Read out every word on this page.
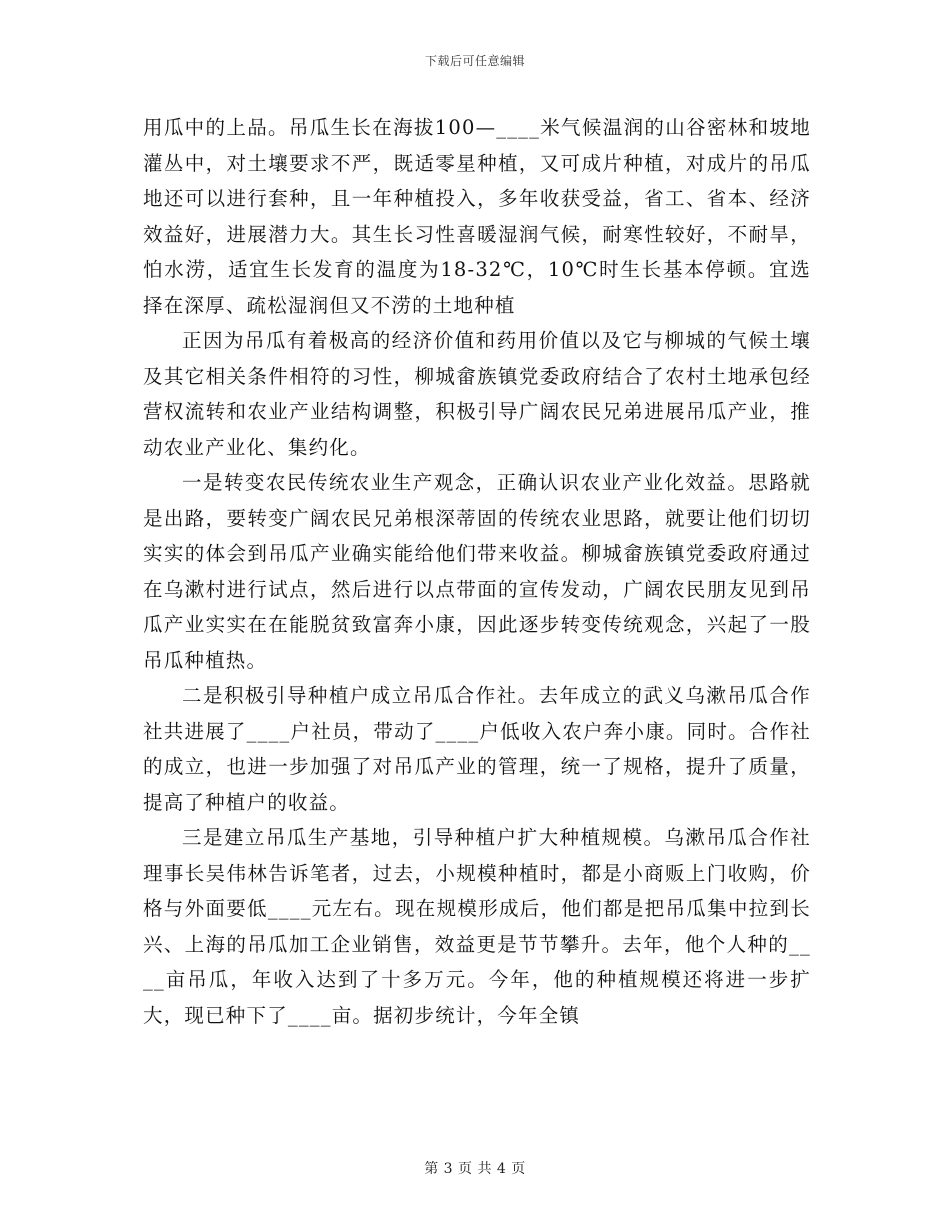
下载后可任意编辑

用瓜中的上品。吊瓜生长在海拔100—____米气候温润的山谷密林和坡地灌丛中，对土壤要求不严，既适零星种植，又可成片种植，对成片的吊瓜地还可以进行套种，且一年种植投入，多年收获受益，省工、省本、经济效益好，进展潜力大。其生长习性喜暖湿润气候，耐寒性较好，不耐旱，怕水涝，适宜生长发育的温度为18-32℃，10℃时生长基本停顿。宜选择在深厚、疏松湿润但又不涝的土地种植

正因为吊瓜有着极高的经济价值和药用价值以及它与柳城的气候土壤及其它相关条件相符的习性，柳城畲族镇党委政府结合了农村土地承包经营权流转和农业产业结构调整，积极引导广阔农民兄弟进展吊瓜产业，推动农业产业化、集约化。

一是转变农民传统农业生产观念，正确认识农业产业化效益。思路就是出路，要转变广阔农民兄弟根深蒂固的传统农业思路，就要让他们切切实实的体会到吊瓜产业确实能给他们带来收益。柳城畲族镇党委政府通过在乌漱村进行试点，然后进行以点带面的宣传发动，广阔农民朋友见到吊瓜产业实实在在能脱贫致富奔小康，因此逐步转变传统观念，兴起了一股吊瓜种植热。

二是积极引导种植户成立吊瓜合作社。去年成立的武义乌漱吊瓜合作社共进展了____户社员，带动了____户低收入农户奔小康。同时。合作社的成立，也进一步加强了对吊瓜产业的管理，统一了规格，提升了质量，提高了种植户的收益。

三是建立吊瓜生产基地，引导种植户扩大种植规模。乌漱吊瓜合作社理事长吴伟林告诉笔者，过去，小规模种植时，都是小商贩上门收购，价格与外面要低____元左右。现在规模形成后，他们都是把吊瓜集中拉到长兴、上海的吊瓜加工企业销售，效益更是节节攀升。去年，他个人种的____亩吊瓜，年收入达到了十多万元。今年，他的种植规模还将进一步扩大，现已种下了____亩。据初步统计，今年全镇

第 3 页 共 4 页
